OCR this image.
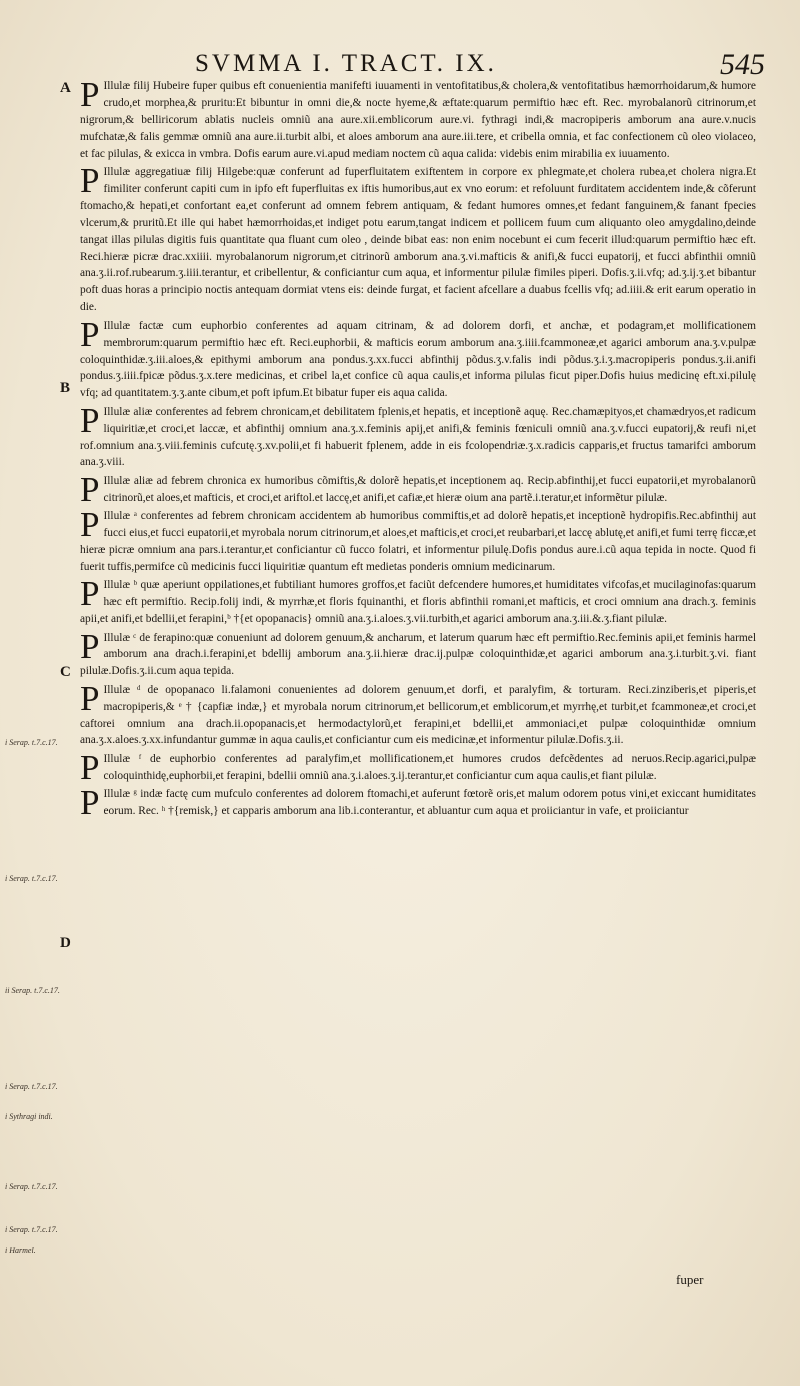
SVMMA I. TRACT. IX.	545
A
B
C
D
i Serap. t.7.c.17.
i Serap. t.7.c.17.
ii Serap. t.7.c.17.
i Serap. t.7.c.17.
i Sythragi indi.
i Serap. t.7.c.17.
i Serap. t.7.c.17.
i Harmel.

P Illulæ filij Hubeire fuper quibus eft conuenientia manifefti iuuamenti in ventofitatibus,& cholera,& ventofitatibus hæmorrhoidarum,& humore crudo,et morphea,& pruritu:Et bibuntur in omni die,& nocte hyeme,& æftate:quarum permiftio hæc eft. Rec. myrobalanorũ citrinorum,et nigrorum,& belliricorum ablatis nucleis omniũ ana aure.xii.emblicorum aure.vi. fythragi indi,& macropiperis amborum ana aure.v.nucis mufchatæ,& falis gemmæ omniũ ana aure.ii.turbit albi, et aloes amborum ana aure.iii.tere, et cribella omnia, et fac confectionem cũ oleo violaceo, et fac pilulas, & exicca in vmbra. Dofis earum aure.vi.apud mediam noctem cũ aqua calida: videbis enim mirabilia ex iuuamento.

P Illulæ aggregatiuæ filij Hilgebe:quæ conferunt ad fuperfluitatem exiftentem in corpore ex phlegmate,et cholera rubea,et cholera nigra.Et fimiliter conferunt capiti cum in ipfo eft fuperfluitas ex iftis humoribus,aut ex vno eorum: et refoluunt furditatem accidentem inde,& cõferunt ftomacho,& hepati,et confortant ea,et conferunt ad omnem febrem antiquam, & fedant humores omnes,et fedant fanguinem,& fanant fpecies vlcerum,& pruritũ.Et ille qui habet hæmorrhoidas,et indiget potu earum,tangat indicem et pollicem fuum cum aliquanto oleo amygdalino,deinde tangat illas pilulas digitis fuis quantitate qua fluant cum oleo , deinde bibat eas: non enim nocebunt ei cum fecerit illud:quarum permiftio hæc eft. Reci.hieræ picræ drac.xxiiii. myrobalanorum nigrorum,et citrinorũ amborum ana.ʒ.vi.mafticis & anifi,& fucci eupatorij, et fucci abfinthii omniũ ana.ʒ.ii.rof.rubearum.ʒ.iiii.terantur, et cribellentur, & conficiantur cum aqua, et informentur pilulæ fimiles piperi. Dofis.ʒ.ii.vfq; ad.ʒ.ij.ʒ.et bibantur poft duas horas a principio noctis antequam dormiat vtens eis: deinde furgat, et facient afcellare a duabus fcellis vfq; ad.iiii.& erit earum operatio in die.

P Illulæ factæ cum euphorbio conferentes ad aquam citrinam, & ad dolorem dorfi, et anchæ, et podagram,et mollificationem membrorum:quarum permiftio hæc eft. Reci.euphorbii, & mafticis eorum amborum ana.ʒ.iiii.fcammoneæ,et agarici amborum ana.ʒ.v.pulpæ coloquinthidæ.ʒ.iii.aloes,& epithymi amborum ana pondus.ʒ.xx.fucci abfinthij põdus.ʒ.v.falis indi põdus.ʒ.i.ʒ.macropiperis pondus.ʒ.ii.anifi pondus.ʒ.iiii.fpicæ põdus.ʒ.x.tere medicinas, et cribel la,et confice cũ aqua caulis,et informa pilulas ficut piper.Dofis huius medicinę eft.xi.pilulę vfq; ad quantitatem.ʒ.ʒ.ante cibum,et poft ipfum.Et bibatur fuper eis aqua calida.

P Illulæ aliæ conferentes ad febrem chronicam,et debilitatem fplenis,et hepatis, et inceptionẽ aquę. Rec.chamæpityos,et chamædryos,et radicum liquiritiæ,et croci,et laccæ, et abfinthij omnium ana.ʒ.x.feminis apij,et anifi,& feminis fœniculi omniũ ana.ʒ.v.fucci eupatorij,& reufi ni,et rof.omnium ana.ʒ.viii.feminis cufcutę.ʒ.xv.polii,et fi habuerit fplenem, adde in eis fcolopendriæ.ʒ.x.radicis capparis,et fructus tamarifci amborum ana.ʒ.viii.

P Illulæ aliæ ad febrem chronica ex humoribus cõmiftis,& dolorẽ hepatis,et inceptionem aq. Recip.abfinthij,et fucci eupatorii,et myrobalanorũ citrinorũ,et aloes,et mafticis, et croci,et ariftol.et laccę,et anifi,et cafiæ,et hieræ oium ana partẽ.i.teratur,et informẽtur pilulæ.

P Illulæ ᵃ conferentes ad febrem chronicam accidentem ab humoribus commiftis,et ad dolorẽ hepatis,et inceptionẽ hydropifis.Rec.abfinthij aut fucci eius,et fucci eupatorii,et myrobala norum citrinorum,et aloes,et mafticis,et croci,et reubarbari,et laccę ablutę,et anifi,et fumi terrę ficcæ,et hieræ picræ omnium ana pars.i.terantur,et conficiantur cũ fucco folatri, et informentur pilulę.Dofis pondus aure.i.cũ aqua tepida in nocte. Quod fi fuerit tuffis,permifce cũ medicinis fucci liquiritiæ quantum eft medietas ponderis omnium medicinarum.

P Illulæ ᵇ quæ aperiunt oppilationes,et fubtiliant humores groffos,et faciũt defcendere humores,et humiditates vifcofas,et mucilaginofas:quarum hæc eft permiftio. Recip.folij indi, & myrrhæ,et floris fquinanthi, et floris abfinthii romani,et mafticis, et croci omnium ana drach.ʒ. feminis apii,et anifi,et bdellii,et ferapini,ᵇ †{et opopanacis} omniũ ana.ʒ.i.aloes.ʒ.vii.turbith,et agarici amborum ana.ʒ.iii.&.ʒ.fiant pilulæ.

P Illulæ ᶜ de ferapino:quæ conueniunt ad dolorem genuum,& ancharum, et laterum quarum hæc eft permiftio.Rec.feminis apii,et feminis harmel amborum ana drach.i.ferapini,et bdellij amborum ana.ʒ.ii.hieræ drac.ij.pulpæ coloquinthidæ,et agarici amborum ana.ʒ.i.turbit.ʒ.vi. fiant pilulæ.Dofis.ʒ.ii.cum aqua tepida.

P Illulæ ᵈ de opopanaco li.falamoni conuenientes ad dolorem genuum,et dorfi, et paralyfim, & torturam. Reci.zinziberis,et piperis,et macropiperis,& ᵉ † {capfiæ indæ,} et myrobala norum citrinorum,et bellicorum,et emblicorum,et myrrhę,et turbit,et fcammoneæ,et croci,et caftorei omnium ana drach.ii.opopanacis,et hermodactylorũ,et ferapini,et bdellii,et ammoniaci,et pulpæ coloquinthidæ omnium ana.ʒ.x.aloes.ʒ.xx.infundantur gummæ in aqua caulis,et conficiantur cum eis medicinæ,et informentur pilulæ.Dofis.ʒ.ii.

P Illulæ ᶠ de euphorbio conferentes ad paralyfim,et mollificationem,et humores crudos defcẽdentes ad neruos.Recip.agarici,pulpæ coloquinthidę,euphorbii,et ferapini, bdellii omniũ ana.ʒ.i.aloes.ʒ.ij.terantur,et conficiantur cum aqua caulis,et fiant pilulæ.

P Illulæ ᵍ indæ factę cum mufculo conferentes ad dolorem ftomachi,et auferunt fœtorẽ oris,et malum odorem potus vini,et exiccant humiditates eorum. Rec. ʰ †{remisk,} et capparis amborum ana lib.i.conterantur, et abluantur cum aqua et proiiciantur in vafe, et proiiciantur

fuper
